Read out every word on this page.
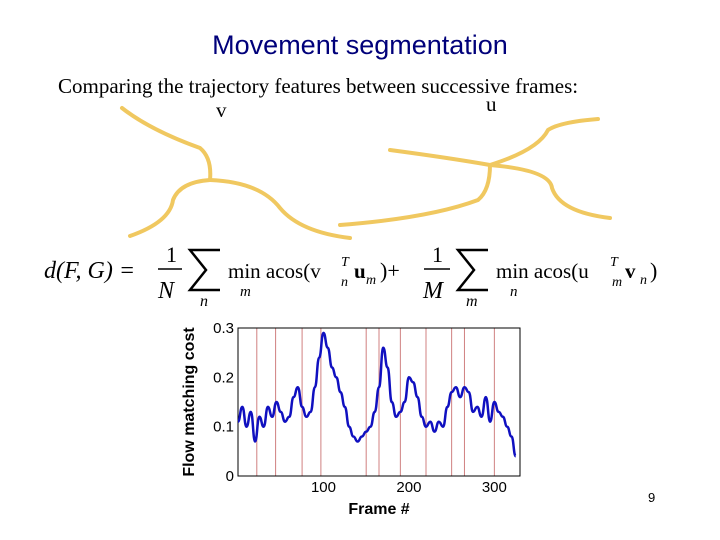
Movement segmentation
Comparing the trajectory features between successive frames:
v	u
d(F, G) =
1
N n
min acos(v
m
T
n u m )+
1
M m
min acos(u
n
T
m v n )
0
0.1
0.2
0.3
100	200	300
Flow matching cost
Frame #
9
